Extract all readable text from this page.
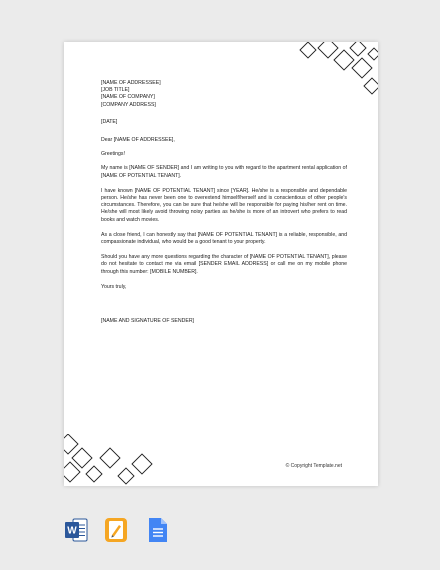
[NAME OF ADDRESSEE]
[JOB TITLE]
[NAME OF COMPANY]
[COMPANY ADDRESS]

[DATE]

Dear [NAME OF ADDRESSEE],

Greetings!

My name is [NAME OF SENDER] and I am writing to you with regard to the apartment rental application of [NAME OF POTENTIAL TENANT].

I have known [NAME OF POTENTIAL TENANT] since [YEAR]. He/she is a responsible and dependable person. He/she has never been one to overextend himself/herself and is conscientious of other people's circumstances. Therefore, you can be sure that he/she will be responsible for paying his/her rent on time. He/she will most likely avoid throwing noisy parties as he/she is more of an introvert who prefers to read books and watch movies.

As a close friend, I can honestly say that [NAME OF POTENTIAL TENANT] is a reliable, responsible, and compassionate individual, who would be a good tenant to your property.

Should you have any more questions regarding the character of [NAME OF POTENTIAL TENANT], please do not hesitate to contact me via email [SENDER EMAIL ADDRESS] or call me on my mobile phone through this number: [MOBILE NUMBER].

Yours truly,

[NAME AND SIGNATURE OF SENDER]

© Copyright Template.net
W
